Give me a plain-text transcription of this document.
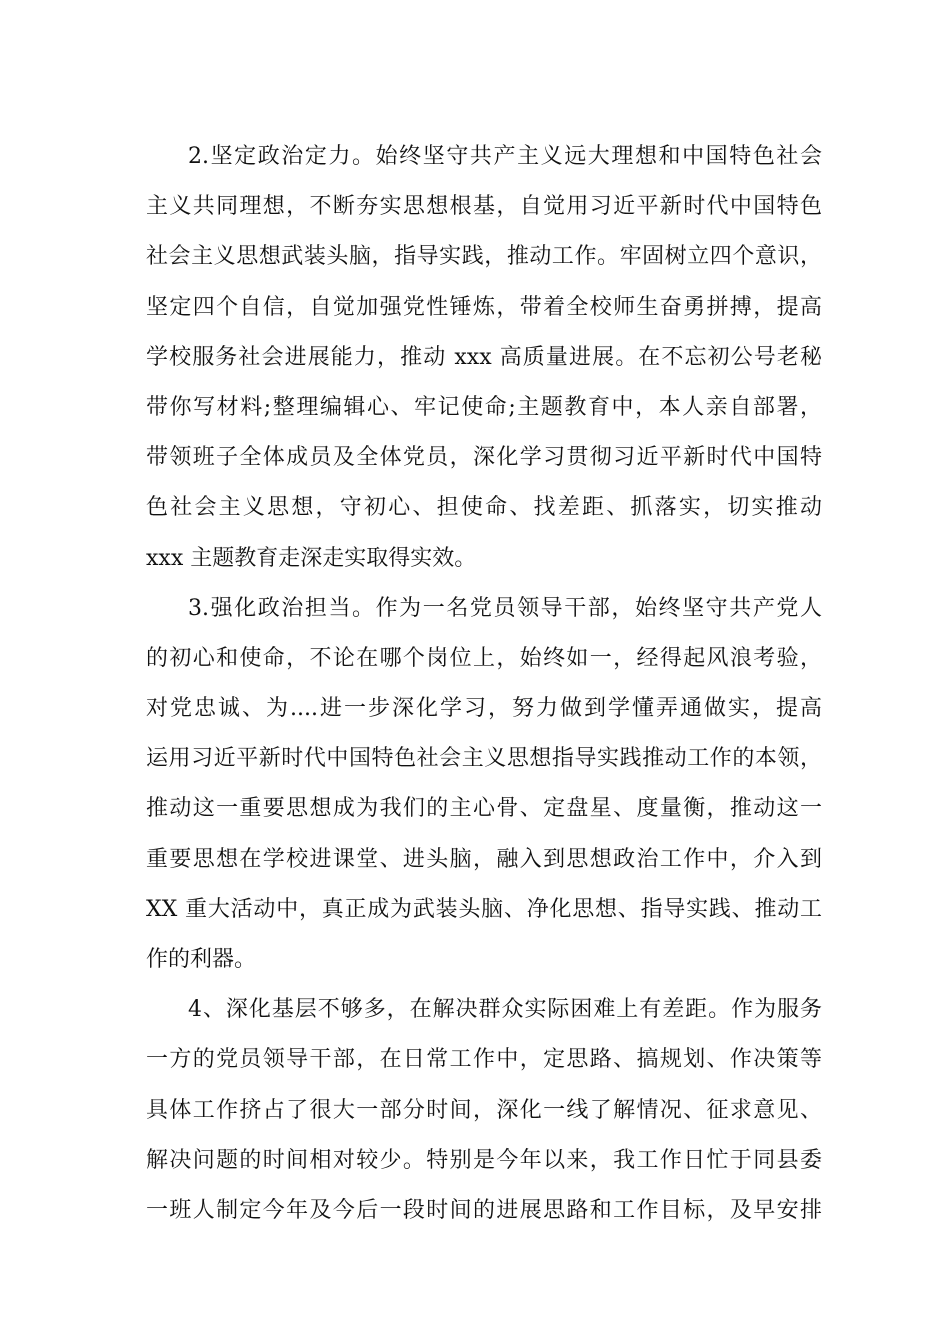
2.坚定政治定力。始终坚守共产主义远大理想和中国特色社会
主义共同理想，不断夯实思想根基，自觉用习近平新时代中国特色
社会主义思想武装头脑，指导实践，推动工作。牢固树立四个意识，
坚定四个自信，自觉加强党性锤炼，带着全校师生奋勇拼搏，提高
学校服务社会进展能力，推动 xxx 高质量进展。在不忘初公号老秘
带你写材料;整理编辑心、牢记使命;主题教育中，本人亲自部署，
带领班子全体成员及全体党员，深化学习贯彻习近平新时代中国特
色社会主义思想，守初心、担使命、找差距、抓落实，切实推动
xxx 主题教育走深走实取得实效。
3.强化政治担当。作为一名党员领导干部，始终坚守共产党人
的初心和使命，不论在哪个岗位上，始终如一，经得起风浪考验，
对党忠诚、为....进一步深化学习，努力做到学懂弄通做实，提高
运用习近平新时代中国特色社会主义思想指导实践推动工作的本领，
推动这一重要思想成为我们的主心骨、定盘星、度量衡，推动这一
重要思想在学校进课堂、进头脑，融入到思想政治工作中，介入到
XX 重大活动中，真正成为武装头脑、净化思想、指导实践、推动工
作的利器。
4、深化基层不够多，在解决群众实际困难上有差距。作为服务
一方的党员领导干部，在日常工作中，定思路、搞规划、作决策等
具体工作挤占了很大一部分时间，深化一线了解情况、征求意见、
解决问题的时间相对较少。特别是今年以来，我工作日忙于同县委
一班人制定今年及今后一段时间的进展思路和工作目标，及早安排
